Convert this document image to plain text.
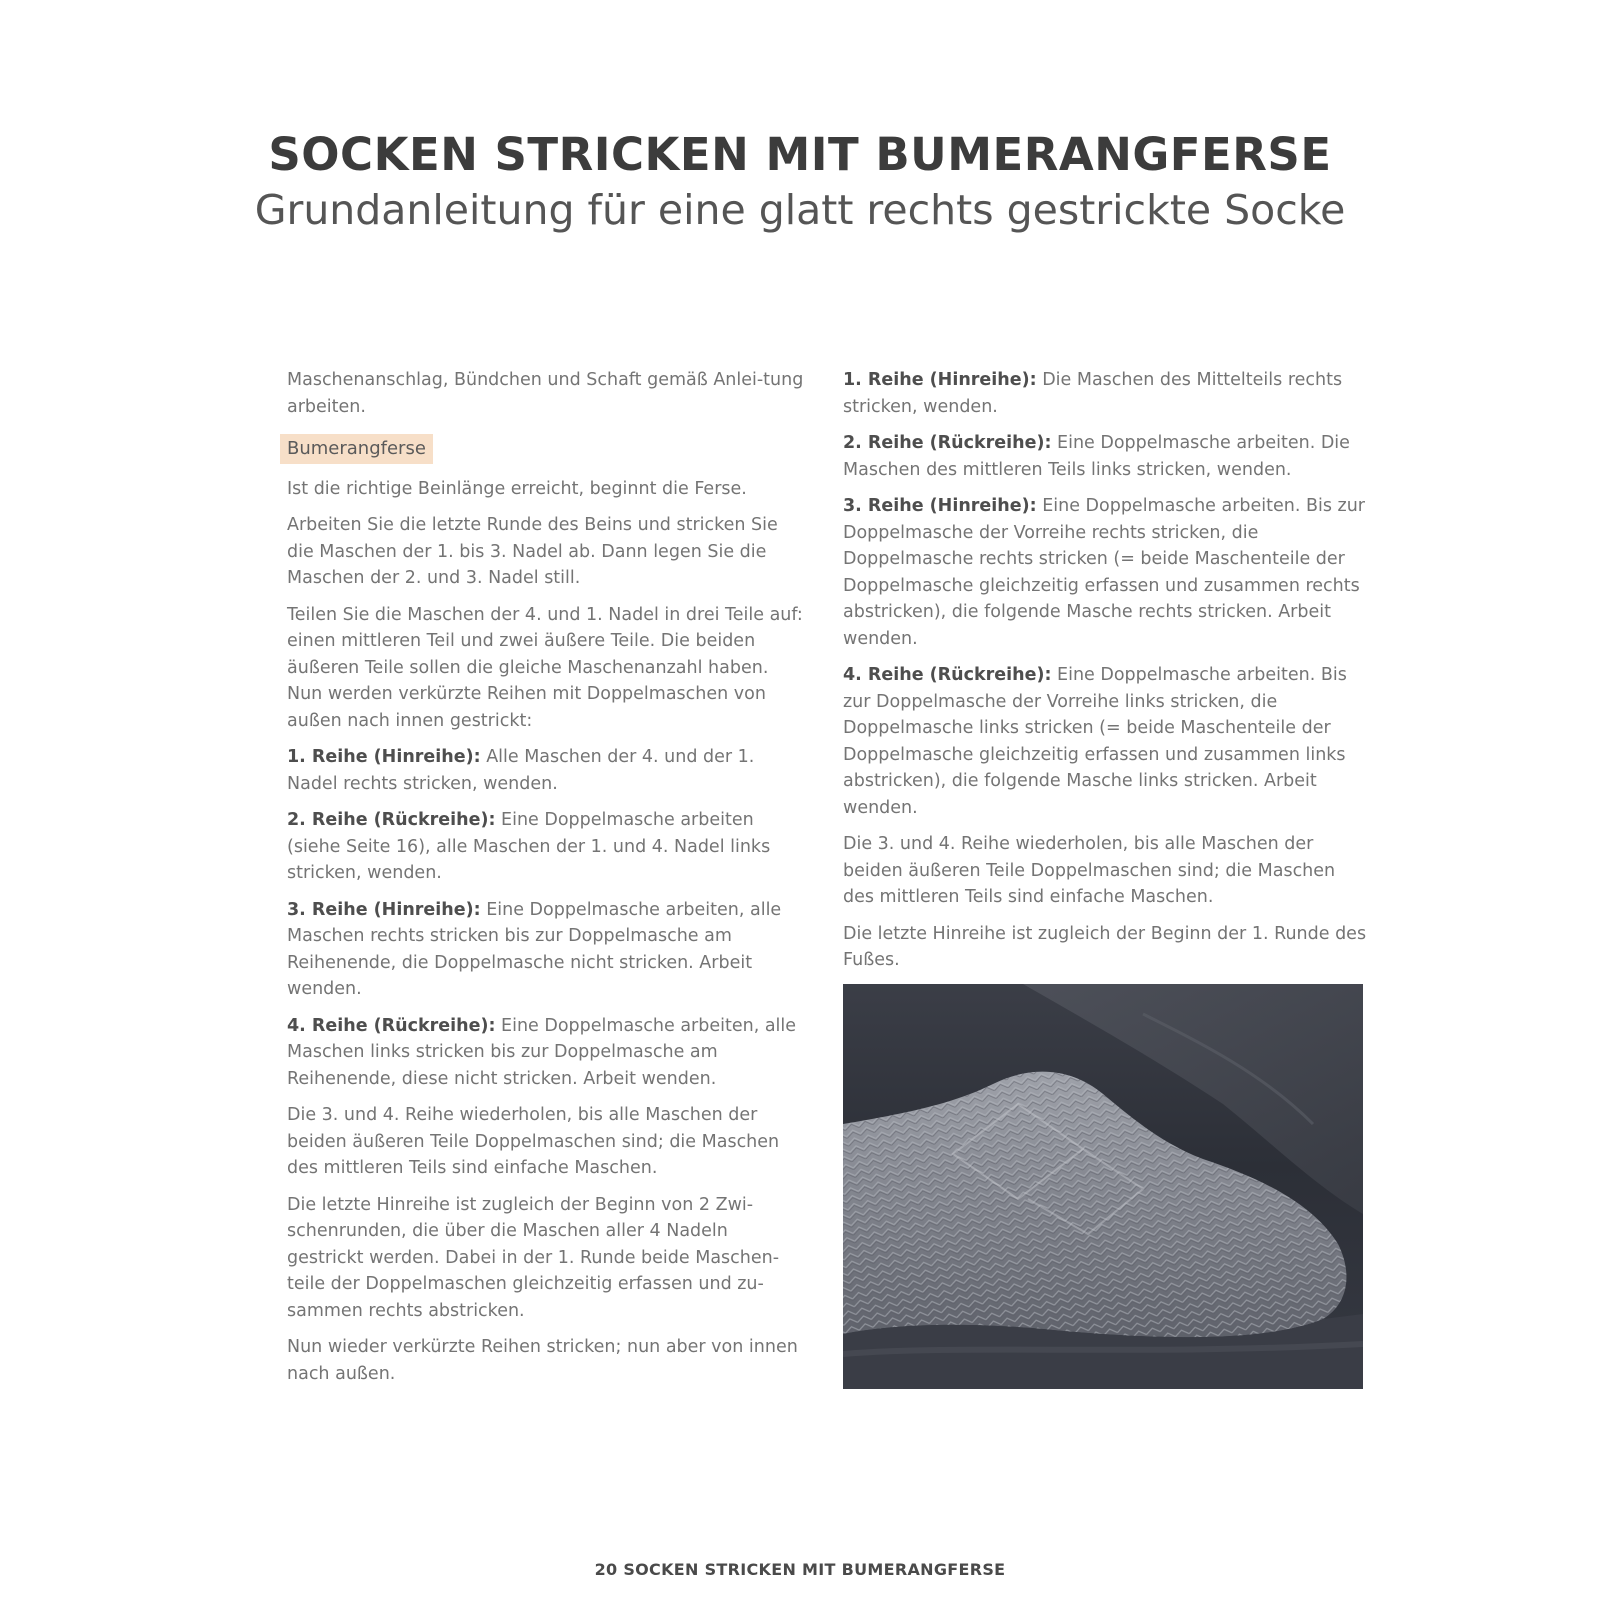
SOCKEN STRICKEN MIT BUMERANGFERSE
Grundanleitung für eine glatt rechts gestrickte Socke

Maschenanschlag, Bündchen und Schaft gemäß Anlei-tung arbeiten.

Bumerangferse

Ist die richtige Beinlänge erreicht, beginnt die Ferse.

Arbeiten Sie die letzte Runde des Beins und stricken Sie die Maschen der 1. bis 3. Nadel ab. Dann legen Sie die Maschen der 2. und 3. Nadel still.

Teilen Sie die Maschen der 4. und 1. Nadel in drei Teile auf: einen mittleren Teil und zwei äußere Teile. Die beiden äußeren Teile sollen die gleiche Maschenanzahl haben. Nun werden verkürzte Reihen mit Doppelmaschen von außen nach innen gestrickt:

1. Reihe (Hinreihe): Alle Maschen der 4. und der 1. Nadel rechts stricken, wenden.

2. Reihe (Rückreihe): Eine Doppelmasche arbeiten (siehe Seite 16), alle Maschen der 1. und 4. Nadel links stricken, wenden.

3. Reihe (Hinreihe): Eine Doppelmasche arbeiten, alle Maschen rechts stricken bis zur Doppelmasche am Reihenende, die Doppelmasche nicht stricken. Arbeit wenden.

4. Reihe (Rückreihe): Eine Doppelmasche arbeiten, alle Maschen links stricken bis zur Doppelmasche am Reihenende, diese nicht stricken. Arbeit wenden.

Die 3. und 4. Reihe wiederholen, bis alle Maschen der beiden äußeren Teile Doppelmaschen sind; die Maschen des mittleren Teils sind einfache Maschen.

Die letzte Hinreihe ist zugleich der Beginn von 2 Zwi-schenrunden, die über die Maschen aller 4 Nadeln gestrickt werden. Dabei in der 1. Runde beide Maschen-teile der Doppelmaschen gleichzeitig erfassen und zu-sammen rechts abstricken.

Nun wieder verkürzte Reihen stricken; nun aber von innen nach außen.

1. Reihe (Hinreihe): Die Maschen des Mittelteils rechts stricken, wenden.

2. Reihe (Rückreihe): Eine Doppelmasche arbeiten. Die Maschen des mittleren Teils links stricken, wenden.

3. Reihe (Hinreihe): Eine Doppelmasche arbeiten. Bis zur Doppelmasche der Vorreihe rechts stricken, die Doppelmasche rechts stricken (= beide Maschenteile der Doppelmasche gleichzeitig erfassen und zusammen rechts abstricken), die folgende Masche rechts stricken. Arbeit wenden.

4. Reihe (Rückreihe): Eine Doppelmasche arbeiten. Bis zur Doppelmasche der Vorreihe links stricken, die Doppelmasche links stricken (= beide Maschenteile der Doppelmasche gleichzeitig erfassen und zusammen links abstricken), die folgende Masche links stricken. Arbeit wenden.

Die 3. und 4. Reihe wiederholen, bis alle Maschen der beiden äußeren Teile Doppelmaschen sind; die Maschen des mittleren Teils sind einfache Maschen.

Die letzte Hinreihe ist zugleich der Beginn der 1. Runde des Fußes.

20 SOCKEN STRICKEN MIT BUMERANGFERSE
